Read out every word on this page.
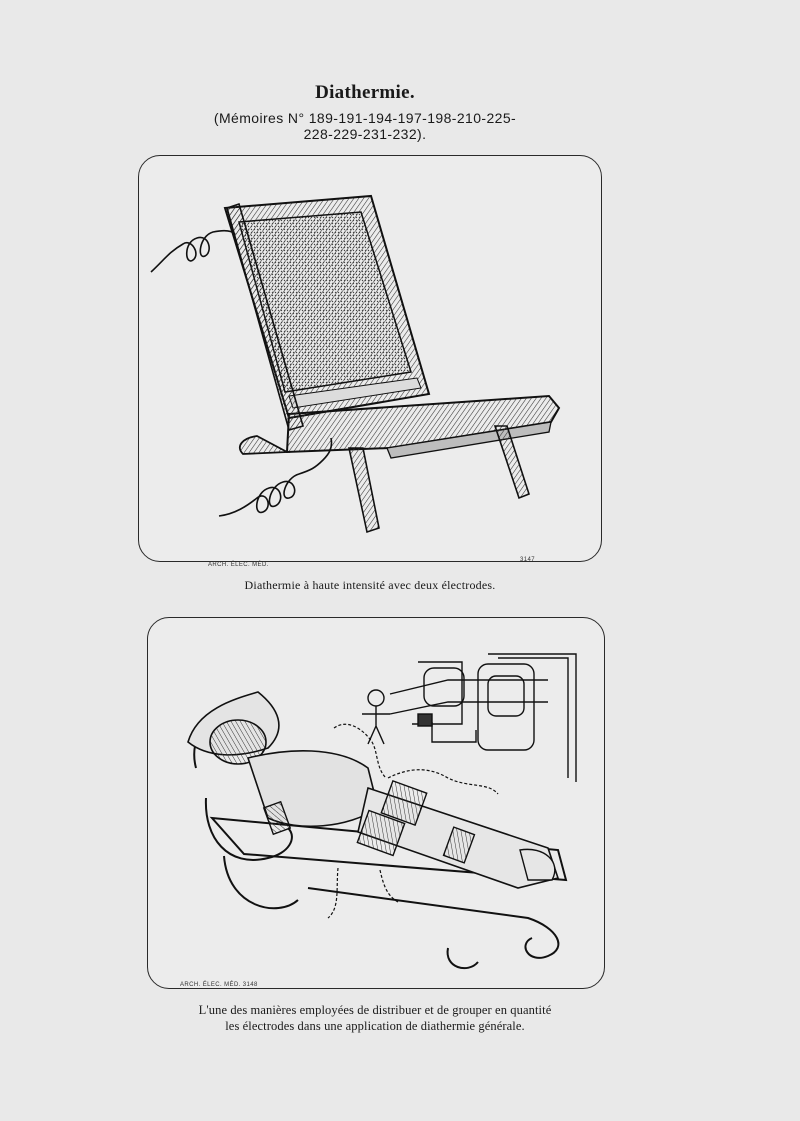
Diathermie.
(Mémoires N° 189-191-194-197-198-210-225-
228-229-231-232).
ARCH. ÉLEC. MÉD.
3147
Diathermie à haute intensité avec deux électrodes.
ARCH. ÉLEC. MÉD. 3148
L'une des manières employées de distribuer et de grouper en quantité
les électrodes dans une application de diathermie générale.
